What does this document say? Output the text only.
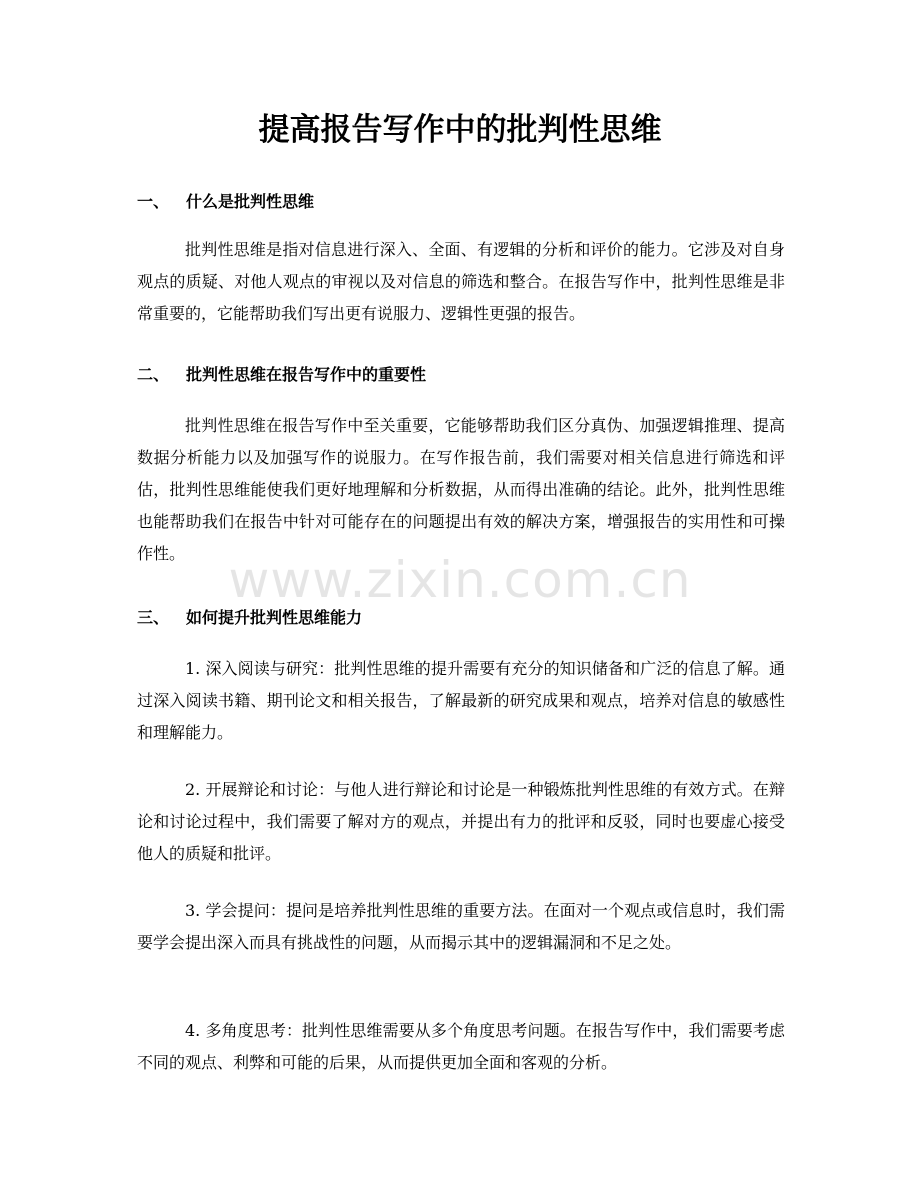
提高报告写作中的批判性思维
一、 什么是批判性思维

批判性思维是指对信息进行深入、全面、有逻辑的分析和评价的能力。它涉及对自身观点的质疑、对他人观点的审视以及对信息的筛选和整合。在报告写作中，批判性思维是非常重要的，它能帮助我们写出更有说服力、逻辑性更强的报告。

二、 批判性思维在报告写作中的重要性

批判性思维在报告写作中至关重要，它能够帮助我们区分真伪、加强逻辑推理、提高数据分析能力以及加强写作的说服力。在写作报告前，我们需要对相关信息进行筛选和评估，批判性思维能使我们更好地理解和分析数据，从而得出准确的结论。此外，批判性思维也能帮助我们在报告中针对可能存在的问题提出有效的解决方案，增强报告的实用性和可操作性。

三、 如何提升批判性思维能力

1. 深入阅读与研究：批判性思维的提升需要有充分的知识储备和广泛的信息了解。通过深入阅读书籍、期刊论文和相关报告，了解最新的研究成果和观点，培养对信息的敏感性和理解能力。

2. 开展辩论和讨论：与他人进行辩论和讨论是一种锻炼批判性思维的有效方式。在辩论和讨论过程中，我们需要了解对方的观点，并提出有力的批评和反驳，同时也要虚心接受他人的质疑和批评。

3. 学会提问：提问是培养批判性思维的重要方法。在面对一个观点或信息时，我们需要学会提出深入而具有挑战性的问题，从而揭示其中的逻辑漏洞和不足之处。

4. 多角度思考：批判性思维需要从多个角度思考问题。在报告写作中，我们需要考虑不同的观点、利弊和可能的后果，从而提供更加全面和客观的分析。

www.zixin.com.cn
